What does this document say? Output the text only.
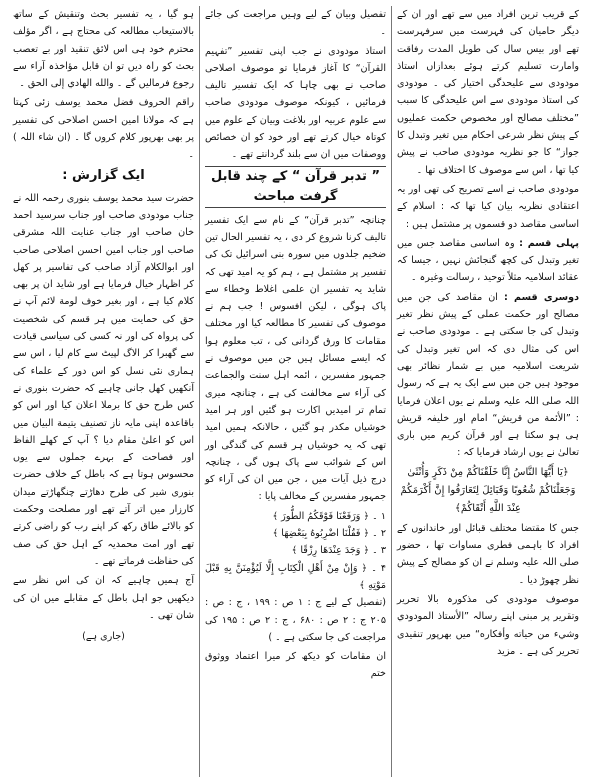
کے قریب ترین افراد میں سے تھے اور ان کے دیگر حامیان کی فہرست میں سرفہرست تھے اور بیس سال کی طویل المدت رفاقت وامارت تسلیم کرتے ہوئے بعدازاں استاذ مودودی سے علیحدگی اختیار کی ۔ مودودی کی استاذ مودودی سے اس علیحدگی کا سبب ”مختلف مصالح اور مخصوص حکمت عملیوں کے پیش نظر شرعی احکام میں تغیر وتبدل کا جواز“ کا جو نظریہ مودودی صاحب نے پیش کیا تھا ، اس سے موصوف کا اختلاف تھا ۔

مودودی صاحب نے اسے تصریح کی تھی اور یہ اعتقادی نظریہ بیان کیا تھا کہ : اسلام کے اساسی مقاصد دو قسموں پر مشتمل ہیں :

پہلی قسم : وہ اساسی مقاصد جس میں تغیر وتبدل کی کچھ گنجائش نہیں ، جیسا کہ عقائد اسلامیہ مثلاً توحید ، رسالت وغیرہ ۔

دوسری قسم : ان مقاصد کی جن میں مصالح اور حکمت عملی کے پیش نظر تغیر وتبدل کی جا سکتی ہے ۔ مودودی صاحب نے اس کی مثال دی کہ اس تغیر وتبدل کی شریعت اسلامیہ میں بے شمار نظائر بھی موجود ہیں جن میں سے ایک یہ ہے کہ رسول اللہ صلی اللہ علیہ وسلم نے یوں اعلان فرمایا : ”الأئمة من قريش“ امام اور خلیفہ قریش ہی ہو سکتا ہے اور قرآن کریم میں باری تعالیٰ نے یوں ارشاد فرمایا کہ :

﴿يَا أَيُّهَا النَّاسُ إِنَّا خَلَقْنَاكُمْ مِنْ ذَكَرٍ وَأُنْثَىٰ وَجَعَلْنَاكُمْ شُعُوبًا وَقَبَائِلَ لِتَعَارَفُوا إِنَّ أَكْرَمَكُمْ عِنْدَ اللَّهِ أَتْقَاكُمْ﴾

جس کا مقتضا مختلف قبائل اور خاندانوں کے افراد کا باہمی فطری مساوات تھا ، حضور صلی اللہ علیہ وسلم نے ان کو مصالح کے پیش نظر چھوڑ دیا ۔

موصوف مودودی کی مذکورہ بالا تحریر وتقریر پر مبنی اپنے رسالہ ”الأستاذ المودودي وشيء من حياته وأفكاره“ میں بھرپور تنقیدی تحریر کی ہے ۔ مزید

تفصیل وبیان کے لیے وہیں مراجعت کی جائے ۔

استاذ مودودی نے جب اپنی تفسیر ”تفہیم القرآن“ کا آغاز فرمایا تو موصوف اصلاحی صاحب نے بھی چاہا کہ ایک تفسیر تالیف فرمائیں ، کیونکہ موصوف مودودی صاحب سے علوم عربیہ اور بلاغت وبیان کے علوم میں کوتاہ خیال کرتے تھے اور خود کو ان خصائص ووصفات میں ان سے بلند گردانتے تھے ۔

” تدبر قرآن “ کے چند قابل گرفت مباحث

چنانچہ ”تدبر قرآن“ کے نام سے ایک تفسیر تالیف کرنا شروع کر دی ، یہ تفسیر الحال تین ضخیم جلدوں میں سورہ بنی اسرائیل تک کی تفسیر پر مشتمل ہے ، ہم کو یہ امید تھی کہ شاید یہ تفسیر ان علمی اغلاط وخطاء سے پاک ہوگی ، لیکن افسوس ! جب ہم نے موصوف کی تفسیر کا مطالعہ کیا اور مختلف مقامات کا ورق گردانی کی ، تب معلوم ہوا کہ ایسے مسائل ہیں جن میں موصوف نے جمہور مفسرین ، ائمہ اہل سنت والجماعت کی آراء سے مخالفت کی ہے ، چنانچہ میری تمام تر امیدیں اکارت ہو گئیں اور ہر امید خوشیاں مکدر ہو گئیں ، حالانکہ ہمیں امید تھی کہ یہ خوشیاں ہر قسم کی گندگی اور اس کے شوائب سے پاک ہوں گی ، چنانچہ درج ذیل آیات میں ، جن میں ان کی آراء کو جمہور مفسرین کے مخالف پایا :

۱ ۔ ﴿ وَرَفَعْنَا فَوْقَكُمُ الطُّورَ ﴾
۲ ۔ ﴿ فَقُلْنَا اضْرِبُوهُ بِبَعْضِهَا ﴾
۳ ۔ ﴿ وَجَدَ عِنْدَهَا رِزْقًا ﴾
۴ ۔ ﴿ وَإِنْ مِنْ أَهْلِ الْكِتَابِ إِلَّا لَيُؤْمِنَنَّ بِهِ قَبْلَ مَوْتِهِ ﴾

(تفصیل کے لیے ج : ۱ ص : ۱۹۹ ، ج : ص : ۲۰۵ ج : ۲ ص : ۶۸۰ ، ج : ۲ ص : ۱۹۵ کی مراجعت کی جا سکتی ہے ۔ )

ان مقامات کو دیکھ کر میرا اعتماد ووثوق ختم

ہو گیا ، یہ تفسیر بحث وتنقیش کے ساتھ بالاستیعاب مطالعہ کی محتاج ہے ، اگر مؤلف محترم خود ہی اس لائق تنقید اور بے تعصب بحث کو راہ دیں تو ان قابل مؤاخذہ آراء سے رجوع فرمالیں گے ۔ والله الهادي إلى الحق ۔

راقم الحروف فضل محمد یوسف زئی کہتا ہے کہ مولانا امین احسن اصلاحی کی تفسیر پر بھی بھرپور کلام کروں گا ۔ (ان شاء اللہ ) ۔

ایک گزارش :

حضرت سید محمد یوسف بنوری رحمہ اللہ نے جناب مودودی صاحب اور جناب سرسید احمد خان صاحب اور جناب عنایت اللہ مشرقی صاحب اور جناب امین احسن اصلاحی صاحب اور ابوالکلام آزاد صاحب کی تفاسیر پر کھل کر اظہار خیال فرمایا ہے اور شاید ان پر بھی کلام کیا ہے ، اور بغیر خوف لومة لائم آپ نے حق کی حمایت میں ہر قسم کی شخصیت کی پرواہ کی اور نہ کسی کی سیاسی قیادت سے گھبرا کر الاگ لپیٹ سے کام لیا ، اس سے ہماری نئی نسل کو اس دور کے علماء کی آنکھیں کھل جانی چاہیے کہ حضرت بنوری نے کس طرح حق کا برملا اعلان کیا اور اس کو باقاعدہ اپنی مایہ ناز تصنیف یتیمة البیان میں اس کو اعلیٰ مقام دیا ؟ آپ کے کھلے الفاظ اور فصاحت کے بہرے جملوں سے یوں محسوس ہوتا ہے کہ باطل کے خلاف حضرت بنوری شیر کی طرح دھاڑتے چنگھاڑتے میدان کارزار میں اتر آتے تھے اور مصلحت وحکمت کو بالائے طاق رکھ کر اپنے رب کو راضی کرتے تھے اور امت محمدیہ کے اہل حق کی صف کی حفاظت فرماتے تھے ۔

آج ہمیں چاہیے کہ ان کی اس نظر سے دیکھیں جو اہل باطل کے مقابلے میں ان کی شان تھی ۔

(جاری ہے)
